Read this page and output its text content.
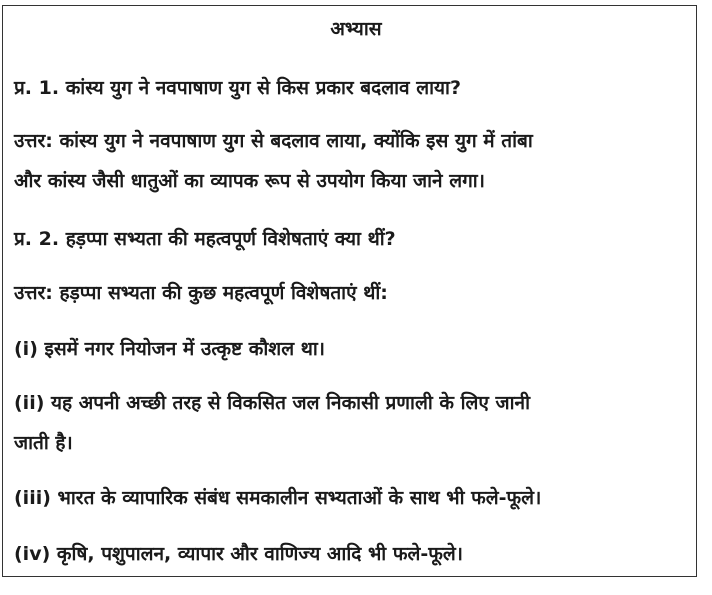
अभ्यास
प्र. 1. कांस्य युग ने नवपाषाण युग से किस प्रकार बदलाव लाया?
उत्तर: कांस्य युग ने नवपाषाण युग से बदलाव लाया, क्योंकि इस युग में तांबा
और कांस्य जैसी धातुओं का व्यापक रूप से उपयोग किया जाने लगा।
प्र. 2. हड़प्पा सभ्यता की महत्वपूर्ण विशेषताएं क्या थीं?
उत्तर: हड़प्पा सभ्यता की कुछ महत्वपूर्ण विशेषताएं थीं:
(i) इसमें नगर नियोजन में उत्कृष्ट कौशल था।
(ii) यह अपनी अच्छी तरह से विकसित जल निकासी प्रणाली के लिए जानी
जाती है।
(iii) भारत के व्यापारिक संबंध समकालीन सभ्यताओं के साथ भी फले-फूले।
(iv) कृषि, पशुपालन, व्यापार और वाणिज्य आदि भी फले-फूले।
